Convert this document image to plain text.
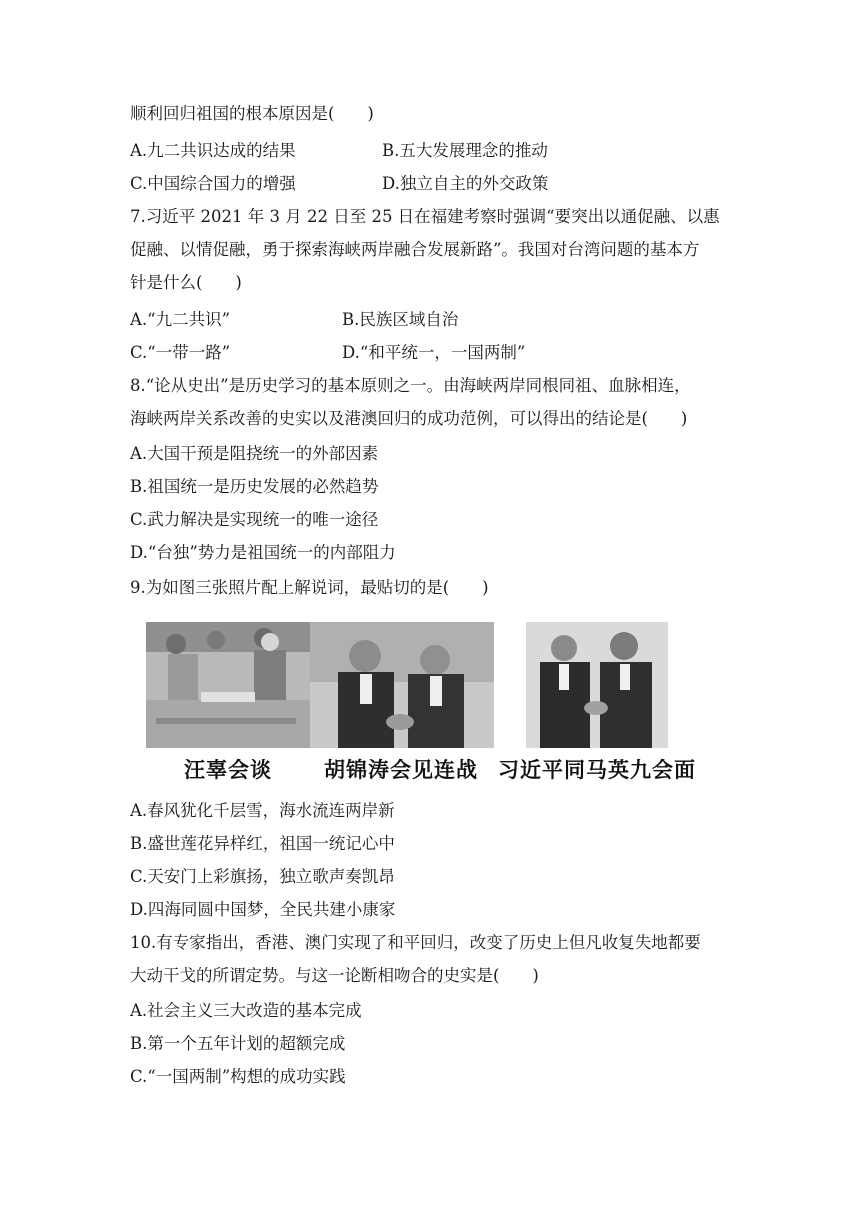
顺利回归祖国的根本原因是(　　)
A.九二共识达成的结果	B.五大发展理念的推动
C.中国综合国力的增强	D.独立自主的外交政策
7.习近平 2021 年 3 月 22 日至 25 日在福建考察时强调“要突出以通促融、以惠
促融、以情促融，勇于探索海峡两岸融合发展新路”。我国对台湾问题的基本方
针是什么(　　)
A.“九二共识”	B.民族区域自治
C.“一带一路”	D.“和平统一，一国两制”
8.“论从史出”是历史学习的基本原则之一。由海峡两岸同根同祖、血脉相连，
海峡两岸关系改善的史实以及港澳回归的成功范例，可以得出的结论是(　　)
A.大国干预是阻挠统一的外部因素
B.祖国统一是历史发展的必然趋势
C.武力解决是实现统一的唯一途径
D.“台独”势力是祖国统一的内部阻力
9.为如图三张照片配上解说词，最贴切的是(　　)
汪辜会谈 胡锦涛会见连战 习近平同马英九会面
A.春风犹化千层雪，海水流连两岸新
B.盛世莲花异样红，祖国一统记心中
C.天安门上彩旗扬，独立歌声奏凯昂
D.四海同圆中国梦，全民共建小康家
10.有专家指出，香港、澳门实现了和平回归，改变了历史上但凡收复失地都要
大动干戈的所谓定势。与这一论断相吻合的史实是(　　)
A.社会主义三大改造的基本完成
B.第一个五年计划的超额完成
C.“一国两制”构想的成功实践
